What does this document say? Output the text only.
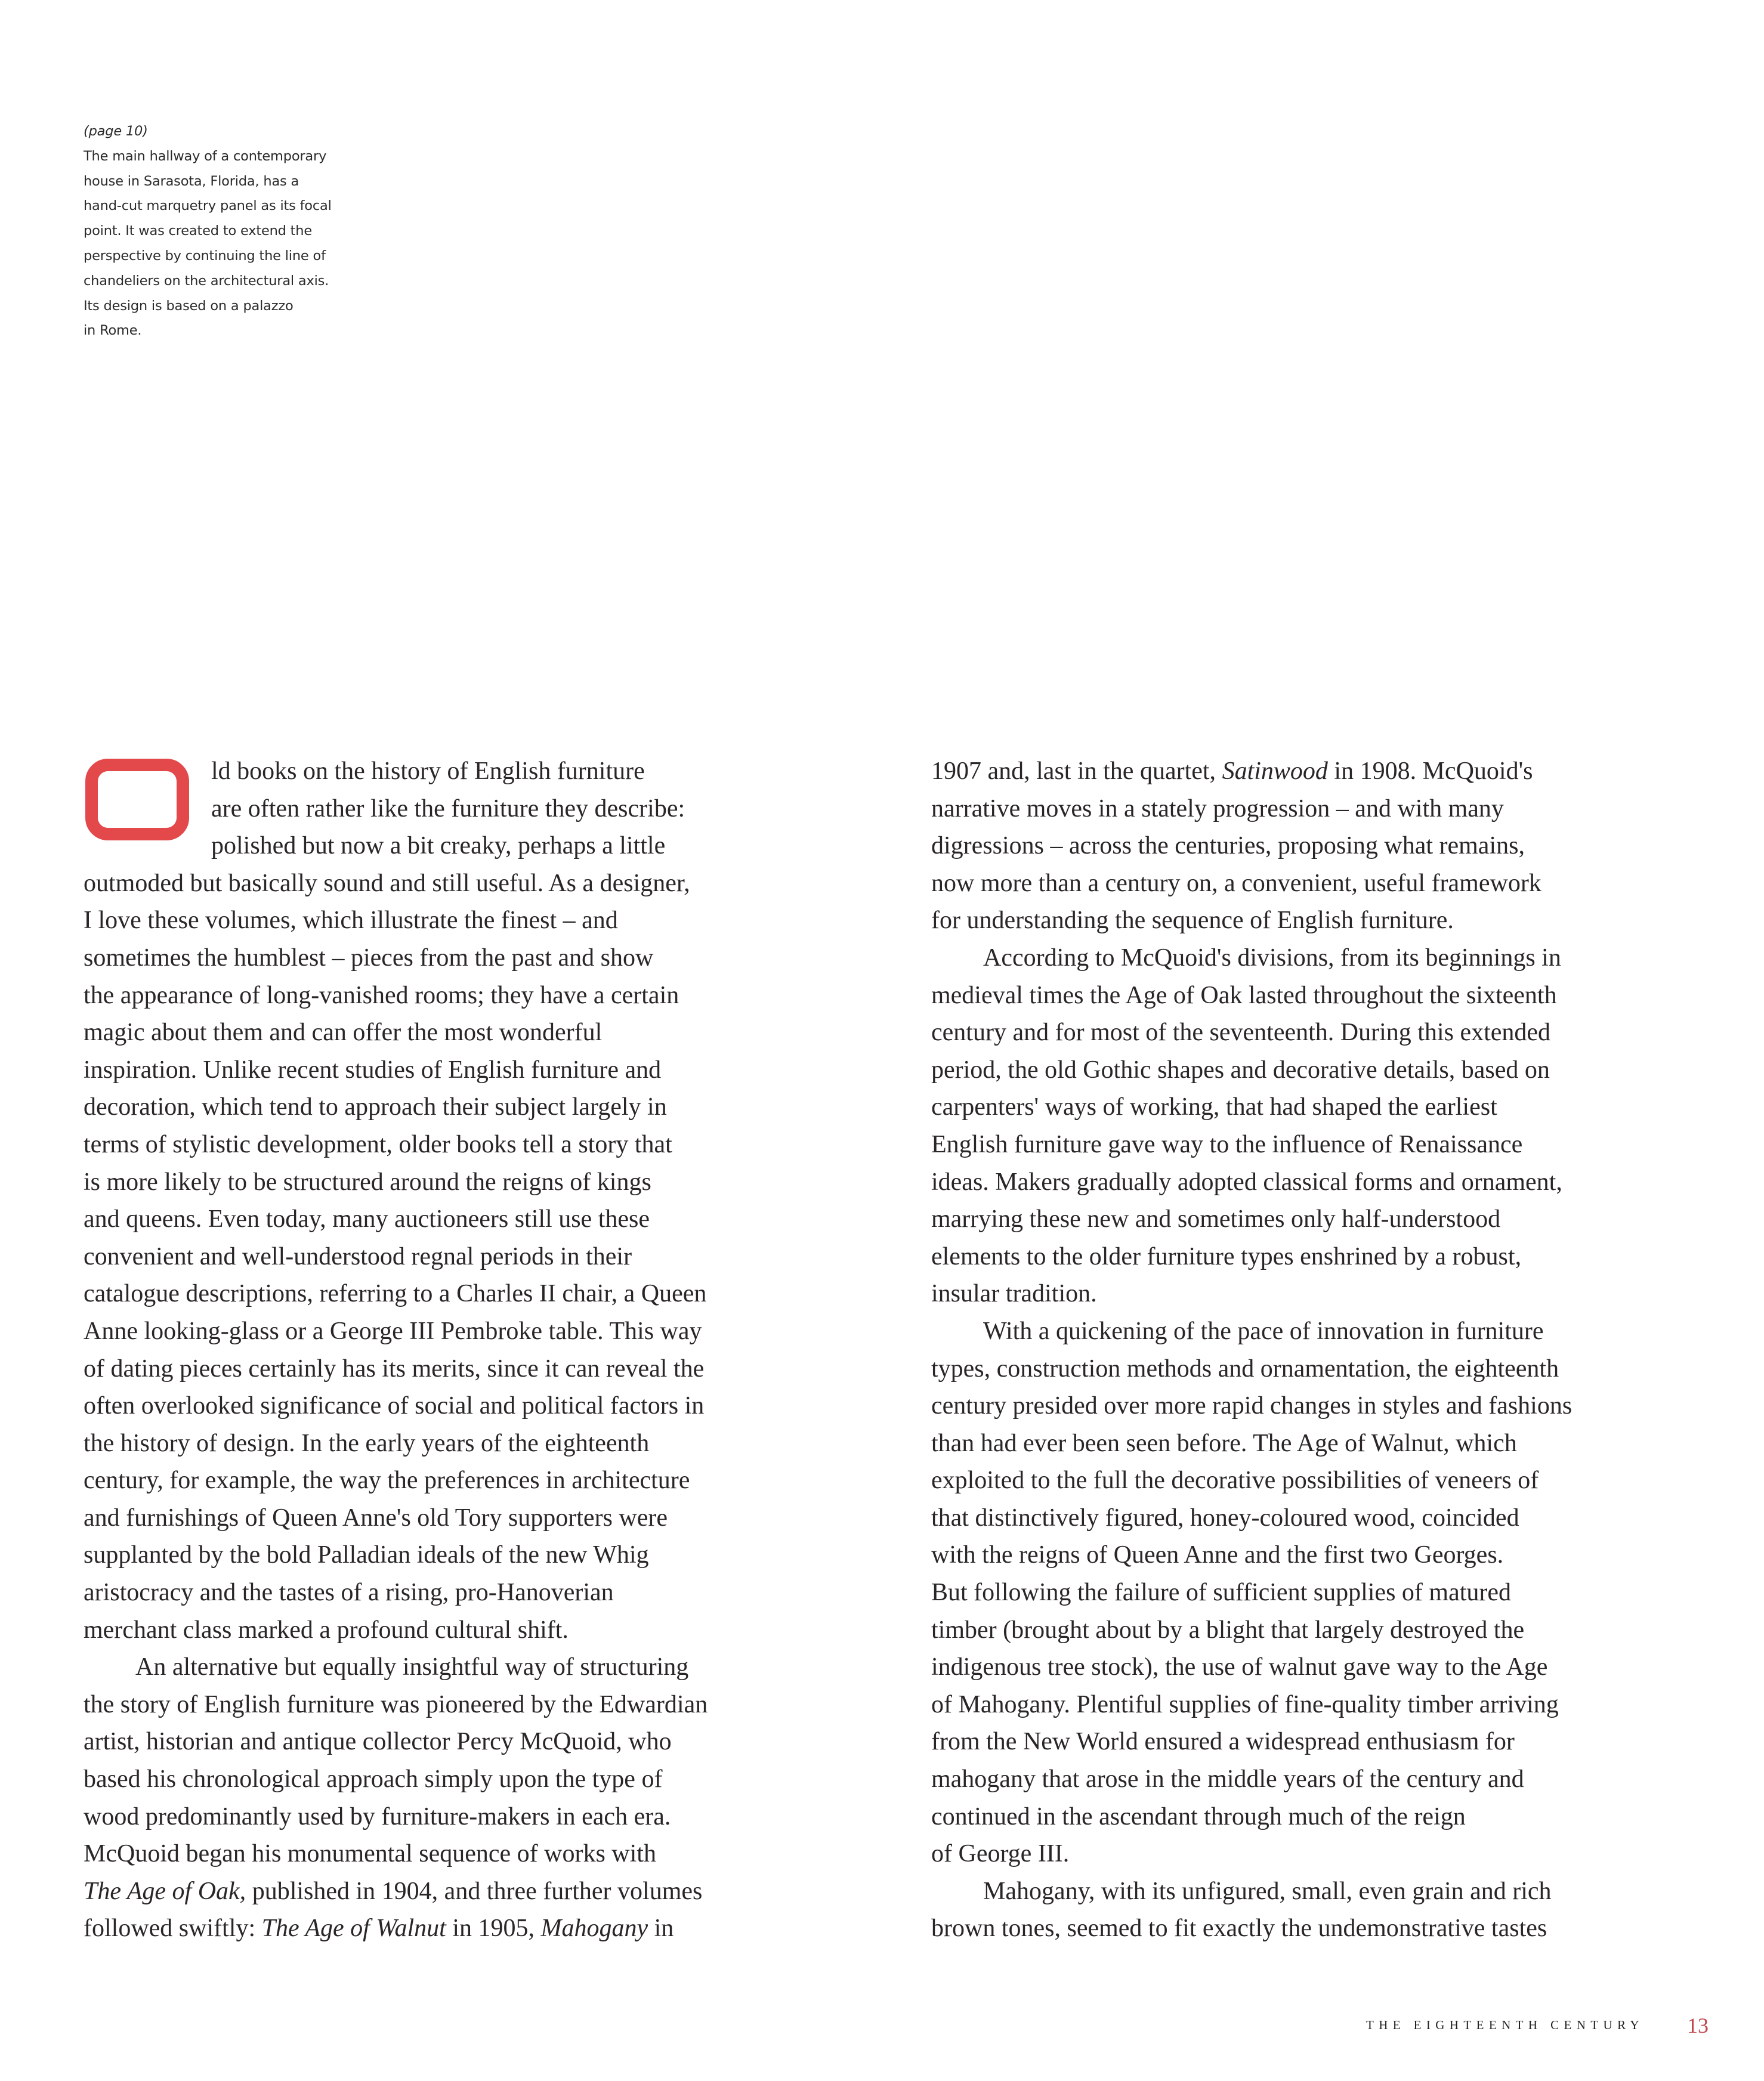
(page 10)
The main hallway of a contemporary
house in Sarasota, Florida, has a
hand-cut marquetry panel as its focal
point. It was created to extend the
perspective by continuing the line of
chandeliers on the architectural axis.
Its design is based on a palazzo
in Rome.
ld books on the history of English furniture
are often rather like the furniture they describe:
polished but now a bit creaky, perhaps a little
outmoded but basically sound and still useful. As a designer,
I love these volumes, which illustrate the finest – and
sometimes the humblest – pieces from the past and show
the appearance of long-vanished rooms; they have a certain
magic about them and can offer the most wonderful
inspiration. Unlike recent studies of English furniture and
decoration, which tend to approach their subject largely in
terms of stylistic development, older books tell a story that
is more likely to be structured around the reigns of kings
and queens. Even today, many auctioneers still use these
convenient and well-understood regnal periods in their
catalogue descriptions, referring to a Charles II chair, a Queen
Anne looking-glass or a George III Pembroke table. This way
of dating pieces certainly has its merits, since it can reveal the
often overlooked significance of social and political factors in
the history of design. In the early years of the eighteenth
century, for example, the way the preferences in architecture
and furnishings of Queen Anne's old Tory supporters were
supplanted by the bold Palladian ideals of the new Whig
aristocracy and the tastes of a rising, pro-Hanoverian
merchant class marked a profound cultural shift.
An alternative but equally insightful way of structuring
the story of English furniture was pioneered by the Edwardian
artist, historian and antique collector Percy McQuoid, who
based his chronological approach simply upon the type of
wood predominantly used by furniture-makers in each era.
McQuoid began his monumental sequence of works with
The Age of Oak, published in 1904, and three further volumes
followed swiftly: The Age of Walnut in 1905, Mahogany in
1907 and, last in the quartet, Satinwood in 1908. McQuoid's
narrative moves in a stately progression – and with many
digressions – across the centuries, proposing what remains,
now more than a century on, a convenient, useful framework
for understanding the sequence of English furniture.
According to McQuoid's divisions, from its beginnings in
medieval times the Age of Oak lasted throughout the sixteenth
century and for most of the seventeenth. During this extended
period, the old Gothic shapes and decorative details, based on
carpenters' ways of working, that had shaped the earliest
English furniture gave way to the influence of Renaissance
ideas. Makers gradually adopted classical forms and ornament,
marrying these new and sometimes only half-understood
elements to the older furniture types enshrined by a robust,
insular tradition.
With a quickening of the pace of innovation in furniture
types, construction methods and ornamentation, the eighteenth
century presided over more rapid changes in styles and fashions
than had ever been seen before. The Age of Walnut, which
exploited to the full the decorative possibilities of veneers of
that distinctively figured, honey-coloured wood, coincided
with the reigns of Queen Anne and the first two Georges.
But following the failure of sufficient supplies of matured
timber (brought about by a blight that largely destroyed the
indigenous tree stock), the use of walnut gave way to the Age
of Mahogany. Plentiful supplies of fine-quality timber arriving
from the New World ensured a widespread enthusiasm for
mahogany that arose in the middle years of the century and
continued in the ascendant through much of the reign
of George III.
Mahogany, with its unfigured, small, even grain and rich
brown tones, seemed to fit exactly the undemonstrative tastes
THE EIGHTEENTH CENTURY 13
